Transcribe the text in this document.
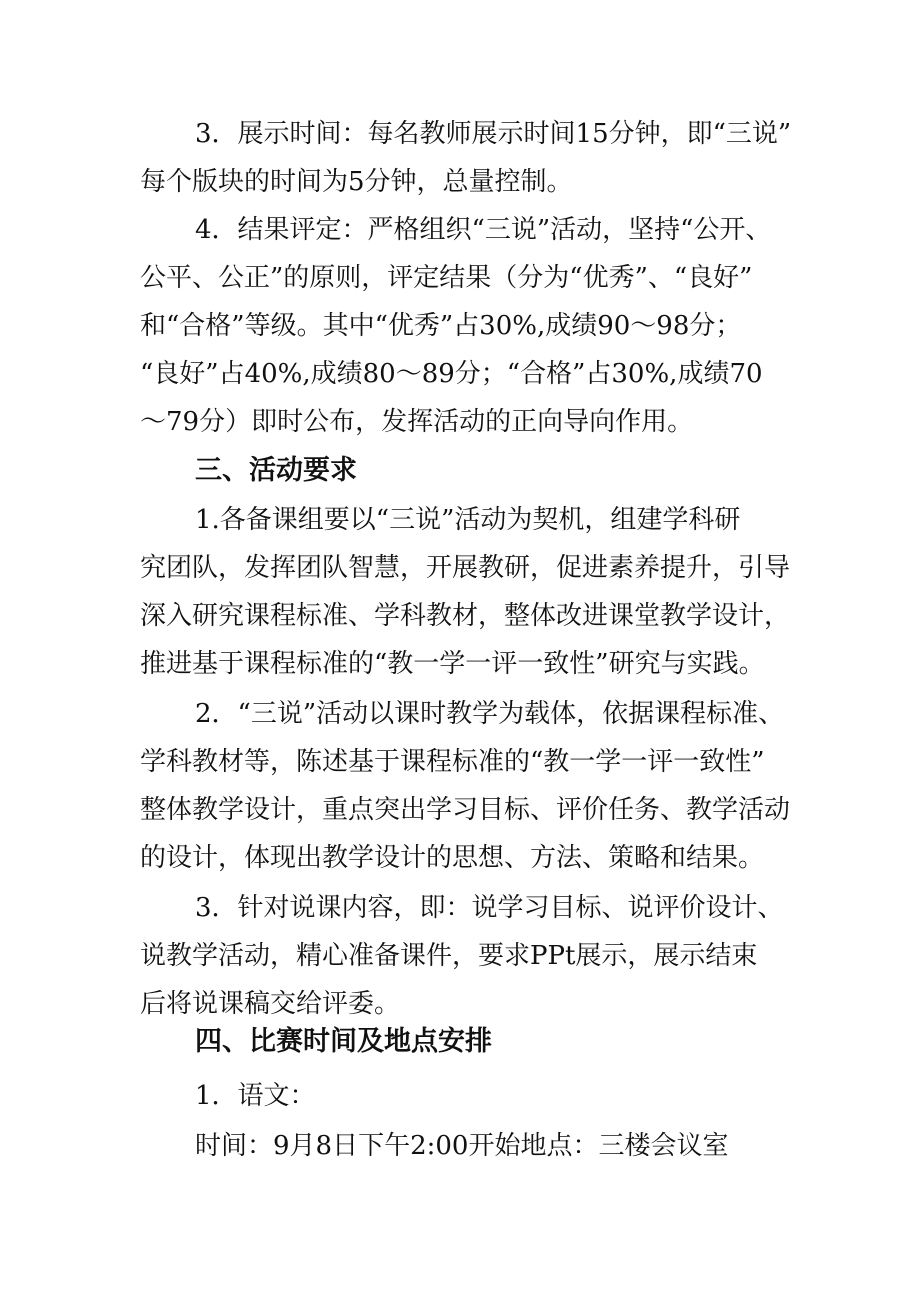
3．展示时间：每名教师展示时间15分钟，即“三说”
每个版块的时间为5分钟，总量控制。

4．结果评定：严格组织“三说”活动，坚持“公开、
公平、公正”的原则，评定结果（分为“优秀”、“良好”
和“合格”等级。其中“优秀”占30%,成绩90～98分；
“良好”占40%,成绩80～89分；“合格”占30%,成绩70
～79分）即时公布，发挥活动的正向导向作用。

三、活动要求

1.各备课组要以“三说”活动为契机，组建学科研
究团队，发挥团队智慧，开展教研，促进素养提升，引导
深入研究课程标准、学科教材，整体改进课堂教学设计，
推进基于课程标准的“教一学一评一致性”研究与实践。

2．“三说”活动以课时教学为载体，依据课程标准、
学科教材等，陈述基于课程标准的“教一学一评一致性”
整体教学设计，重点突出学习目标、评价任务、教学活动
的设计，体现出教学设计的思想、方法、策略和结果。

3．针对说课内容，即：说学习目标、说评价设计、
说教学活动，精心准备课件，要求PPt展示，展示结束
后将说课稿交给评委。

四、比赛时间及地点安排

1．语文：

时间：9月8日下午2:00开始地点：三楼会议室
